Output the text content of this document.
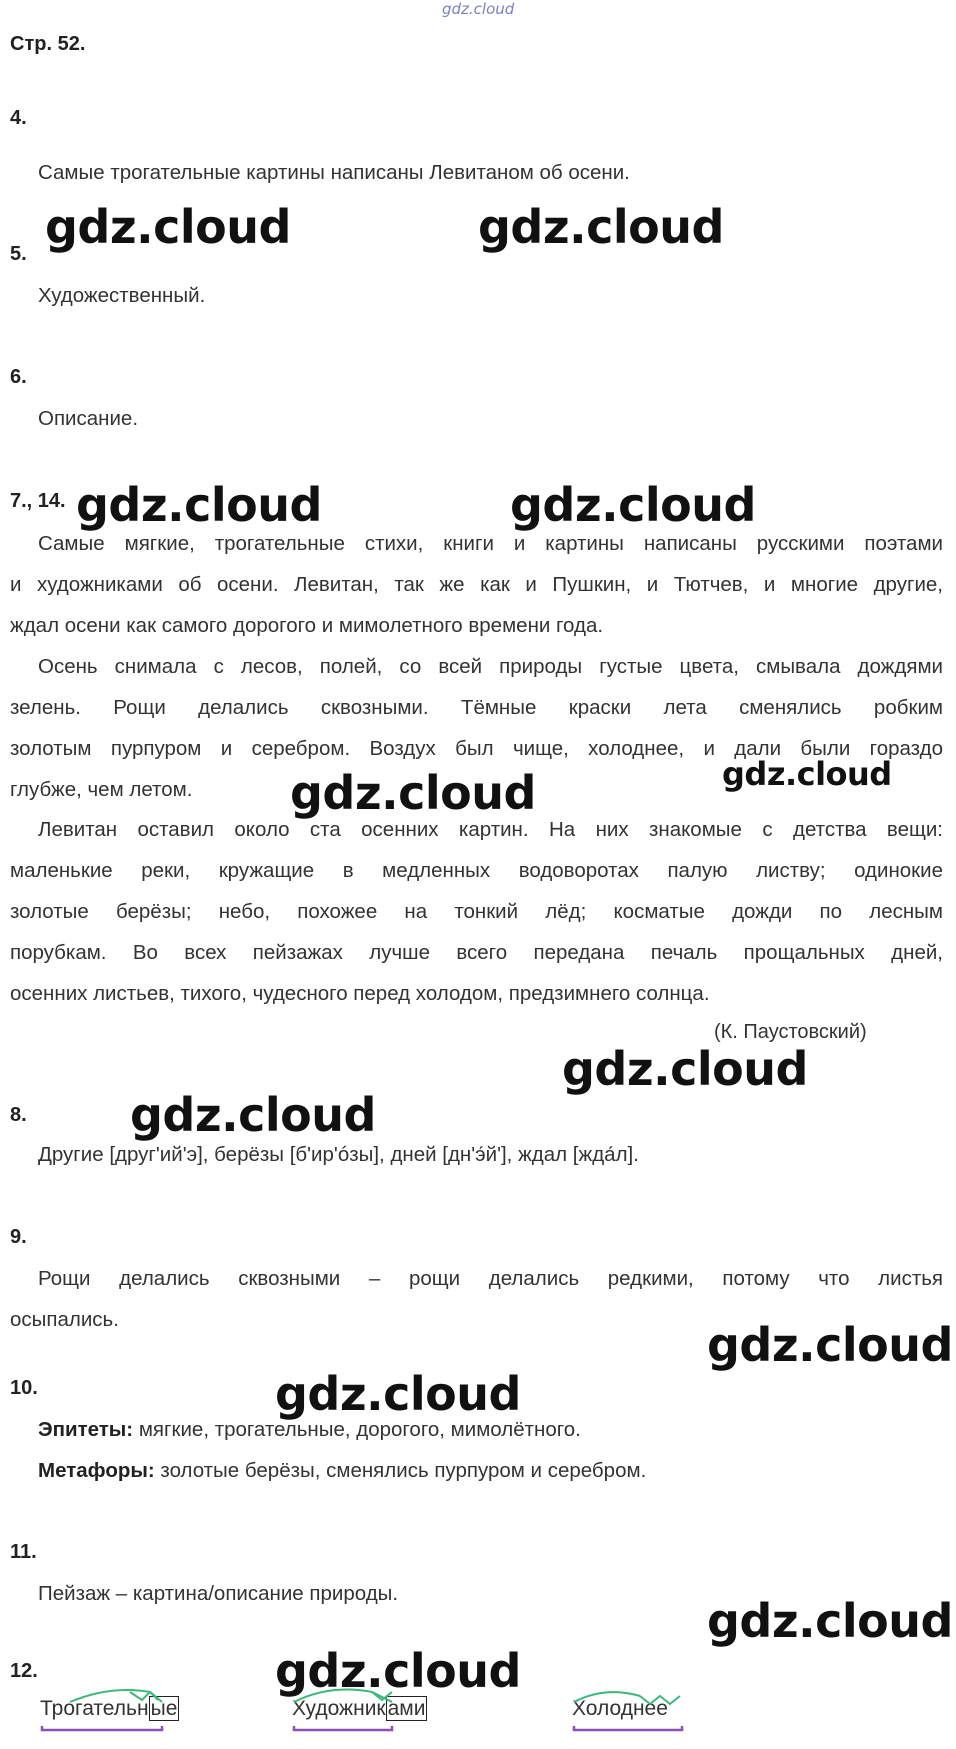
gdz.cloud
Стр. 52.
4.
Самые трогательные картины написаны Левитаном об осени.
gdz.cloud	gdz.cloud
5.
Художественный.
6.
Описание.
7., 14. gdz.cloud	gdz.cloud
Самые мягкие, трогательные стихи, книги и картины написаны русскими поэтами
и художниками об осени. Левитан, так же как и Пушкин, и Тютчев, и многие другие,
ждал осени как самого дорогого и мимолетного времени года.
Осень снимала с лесов, полей, со всей природы густые цвета, смывала дождями
зелень. Рощи делались сквозными. Тёмные краски лета сменялись робким
золотым пурпуром и серебром. Воздух был чище, холоднее, и дали были гораздо
глубже, чем летом. gdz.cloud	gdz.cloud
Левитан оставил около ста осенних картин. На них знакомые с детства вещи:
маленькие реки, кружащие в медленных водоворотах палую листву; одинокие
золотые берёзы; небо, похожее на тонкий лёд; косматые дожди по лесным
порубкам. Во всех пейзажах лучше всего передана печаль прощальных дней,
осенних листьев, тихого, чудесного перед холодом, предзимнего солнца.
(К. Паустовский)
gdz.cloud
8. gdz.cloud
Другие [друг'ий'э], берёзы [б'ир'óзы], дней [дн'э́й'], ждал [жда́л].
9.
Рощи делались сквозными – рощи делались редкими, потому что листья
осыпались.	gdz.cloud
10.	gdz.cloud
Эпитеты: мягкие, трогательные, дорогого, мимолётного.
Метафоры: золотые берёзы, сменялись пурпуром и серебром.
11.
Пейзаж – картина/описание природы.
gdz.cloud
12.	gdz.cloud
Трогательные	Художниками	Холоднее
